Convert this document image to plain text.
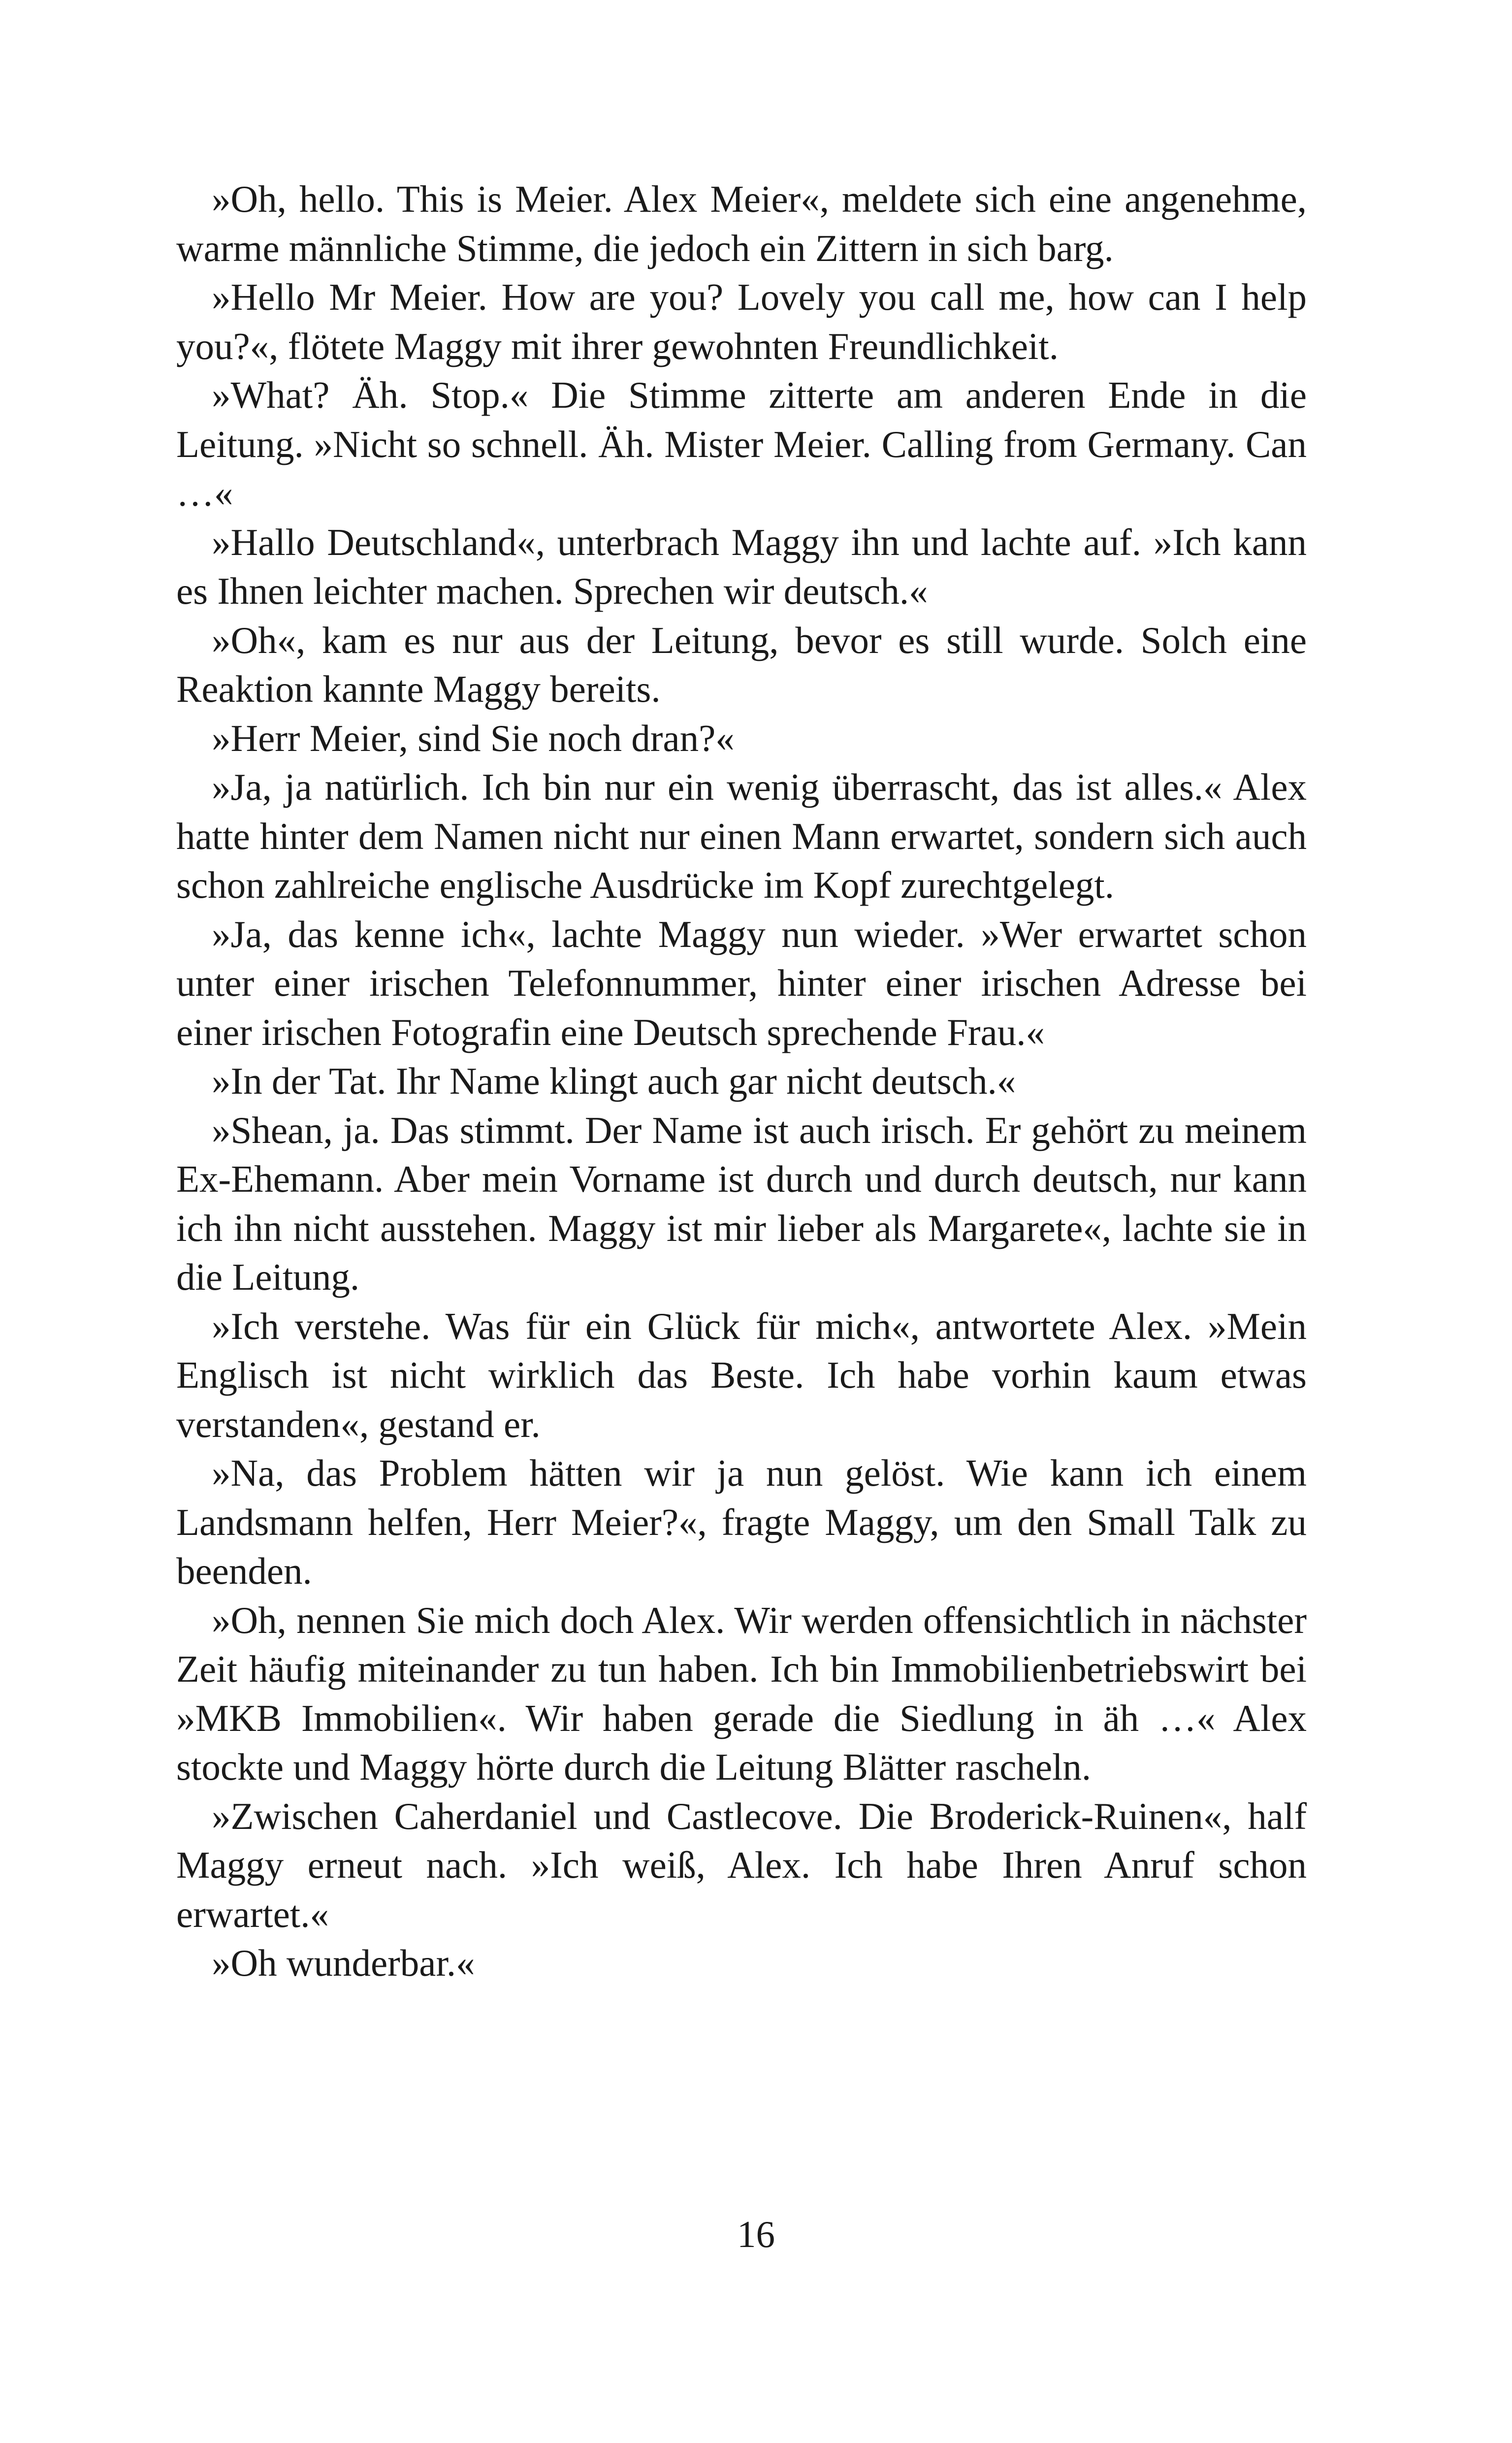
»Oh, hello. This is Meier. Alex Meier«, meldete sich eine angenehme, warme männliche Stimme, die jedoch ein Zittern in sich barg.

»Hello Mr Meier. How are you? Lovely you call me, how can I help you?«, flötete Maggy mit ihrer gewohnten Freundlichkeit.

»What? Äh. Stop.« Die Stimme zitterte am anderen Ende in die Leitung. »Nicht so schnell. Äh. Mister Meier. Calling from Germany. Can …«

»Hallo Deutschland«, unterbrach Maggy ihn und lachte auf. »Ich kann es Ihnen leichter machen. Sprechen wir deutsch.«

»Oh«, kam es nur aus der Leitung, bevor es still wurde. Solch eine Reaktion kannte Maggy bereits.

»Herr Meier, sind Sie noch dran?«

»Ja, ja natürlich. Ich bin nur ein wenig überrascht, das ist alles.« Alex hatte hinter dem Namen nicht nur einen Mann erwartet, sondern sich auch schon zahlreiche englische Ausdrücke im Kopf zurechtgelegt.

»Ja, das kenne ich«, lachte Maggy nun wieder. »Wer erwartet schon unter einer irischen Telefonnummer, hinter einer irischen Adresse bei einer irischen Fotografin eine Deutsch sprechende Frau.«

»In der Tat. Ihr Name klingt auch gar nicht deutsch.«

»Shean, ja. Das stimmt. Der Name ist auch irisch. Er gehört zu meinem Ex-Ehemann. Aber mein Vorname ist durch und durch deutsch, nur kann ich ihn nicht ausstehen. Maggy ist mir lieber als Margarete«, lachte sie in die Leitung.

»Ich verstehe. Was für ein Glück für mich«, antwortete Alex. »Mein Englisch ist nicht wirklich das Beste. Ich habe vorhin kaum etwas verstanden«, gestand er.

»Na, das Problem hätten wir ja nun gelöst. Wie kann ich einem Landsmann helfen, Herr Meier?«, fragte Maggy, um den Small Talk zu beenden.

»Oh, nennen Sie mich doch Alex. Wir werden offensichtlich in nächster Zeit häufig miteinander zu tun haben. Ich bin Immobilienbetriebswirt bei »MKB Immobilien«. Wir haben gerade die Siedlung in äh …« Alex stockte und Maggy hörte durch die Leitung Blätter rascheln.

»Zwischen Caherdaniel und Castlecove. Die Broderick-Ruinen«, half Maggy erneut nach. »Ich weiß, Alex. Ich habe Ihren Anruf schon erwartet.«

»Oh wunderbar.«

16
